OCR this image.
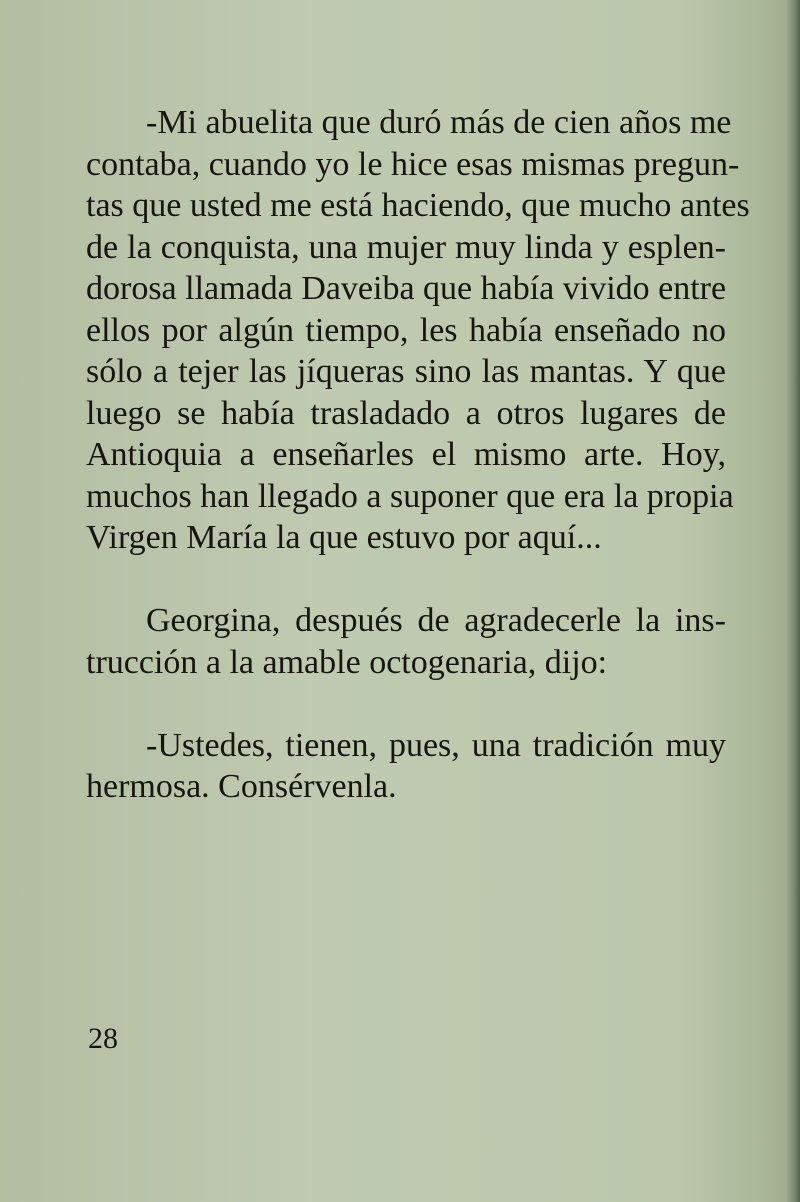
-Mi abuelita que duró más de cien años me
contaba, cuando yo le hice esas mismas pregun-
tas que usted me está haciendo, que mucho antes
de la conquista, una mujer muy linda y esplen-
dorosa llamada Daveiba que había vivido entre
ellos por algún tiempo, les había enseñado no
sólo a tejer las jíqueras sino las mantas. Y que
luego se había trasladado a otros lugares de
Antioquia a enseñarles el mismo arte. Hoy,
muchos han llegado a suponer que era la propia
Virgen María la que estuvo por aquí...
Georgina, después de agradecerle la ins-
trucción a la amable octogenaria, dijo:
-Ustedes, tienen, pues, una tradición muy
hermosa. Consérvenla.
28
